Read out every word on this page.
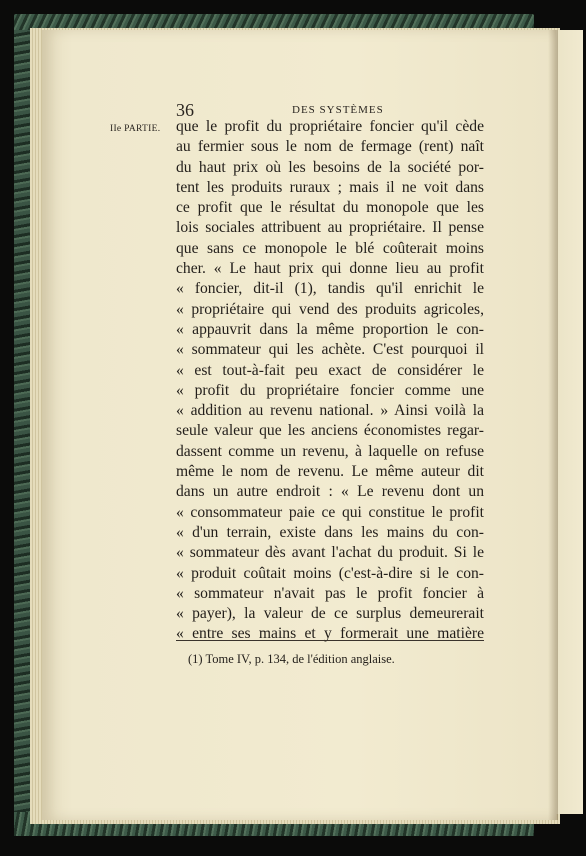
36	DES SYSTÈMES
IIe PARTIE. que le profit du propriétaire foncier qu'il cède
au fermier sous le nom de fermage (rent) naît
du haut prix où les besoins de la société por-
tent les produits ruraux ; mais il ne voit dans
ce profit que le résultat du monopole que les
lois sociales attribuent au propriétaire. Il pense
que sans ce monopole le blé coûterait moins
cher. « Le haut prix qui donne lieu au profit
« foncier, dit-il (1), tandis qu'il enrichit le
« propriétaire qui vend des produits agricoles,
« appauvrit dans la même proportion le con-
« sommateur qui les achète. C'est pourquoi il
« est tout-à-fait peu exact de considérer le
« profit du propriétaire foncier comme une
« addition au revenu national. » Ainsi voilà la
seule valeur que les anciens économistes regar-
dassent comme un revenu, à laquelle on refuse
même le nom de revenu. Le même auteur dit
dans un autre endroit : « Le revenu dont un
« consommateur paie ce qui constitue le profit
« d'un terrain, existe dans les mains du con-
« sommateur dès avant l'achat du produit. Si le
« produit coûtait moins (c'est-à-dire si le con-
« sommateur n'avait pas le profit foncier à
« payer), la valeur de ce surplus demeurerait
« entre ses mains et y formerait une matière
(1) Tome IV, p. 134, de l'édition anglaise.
